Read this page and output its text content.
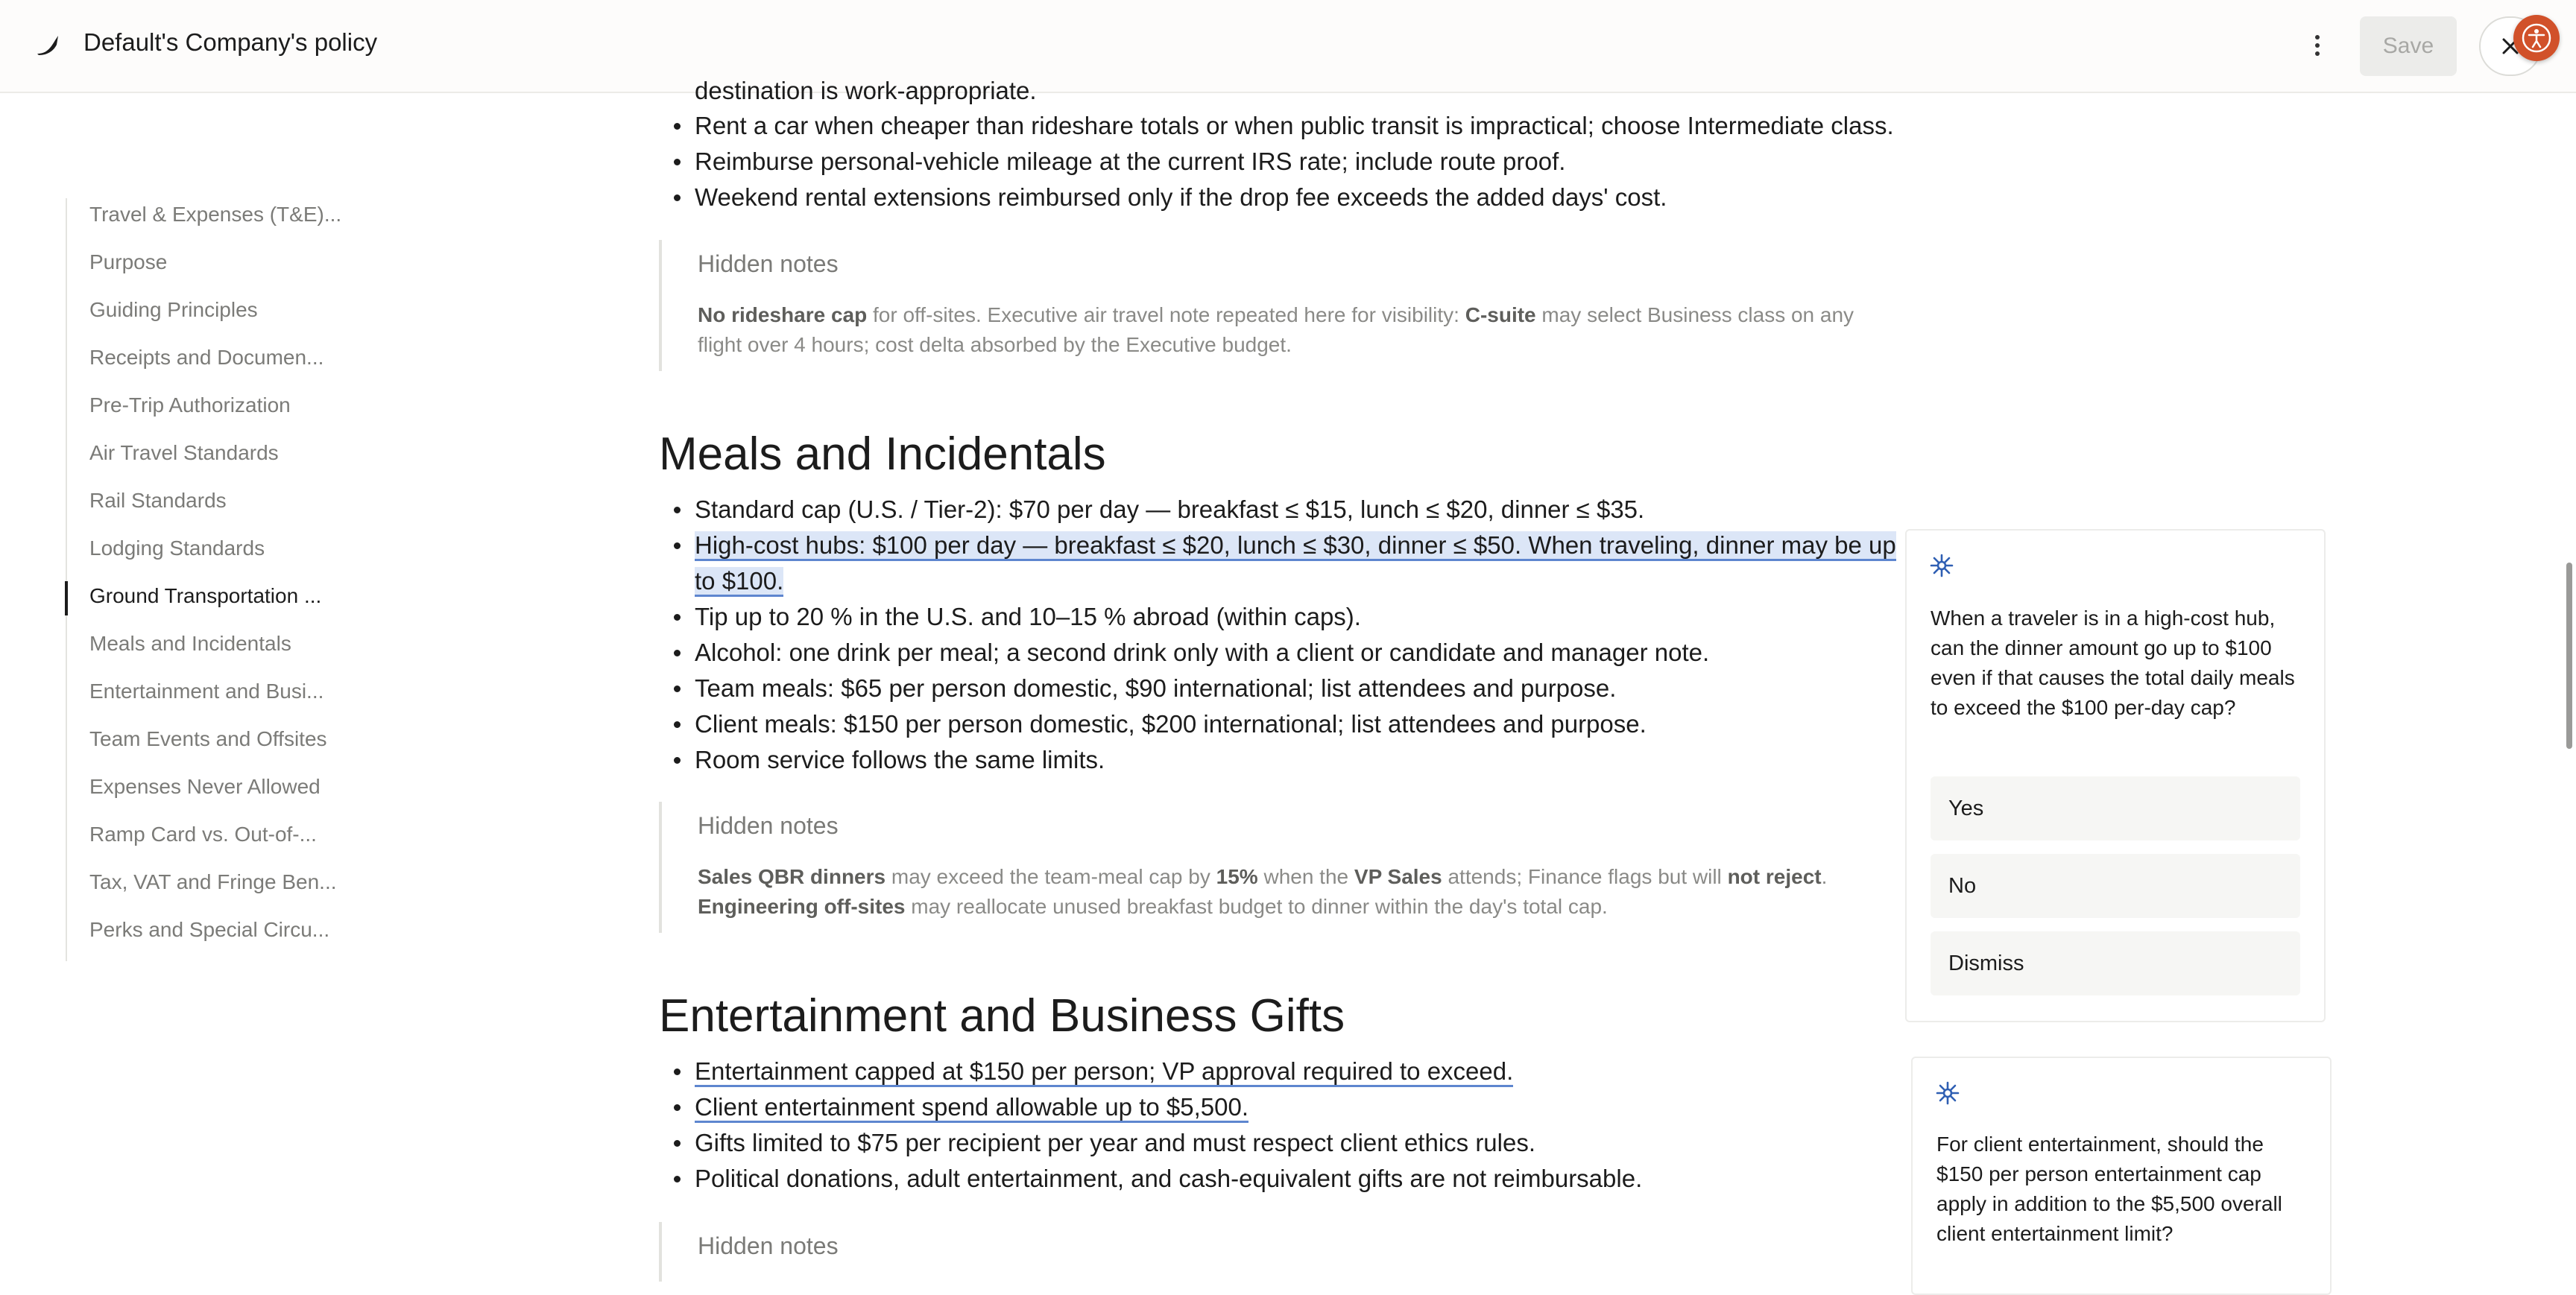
Default's Company's policy	Save
Travel & Expenses (T&E)...
Purpose
Guiding Principles
Receipts and Documen...
Pre-Trip Authorization
Air Travel Standards
Rail Standards
Lodging Standards
Ground Transportation ...
Meals and Incidentals
Entertainment and Busi...
Team Events and Offsites
Expenses Never Allowed
Ramp Card vs. Out-of-...
Tax, VAT and Fringe Ben...
Perks and Special Circu...
destination is work-appropriate.
Rent a car when cheaper than rideshare totals or when public transit is impractical; choose Intermediate class.
Reimburse personal-vehicle mileage at the current IRS rate; include route proof.
Weekend rental extensions reimbursed only if the drop fee exceeds the added days' cost.
Hidden notes
No rideshare cap for off-sites. Executive air travel note repeated here for visibility: C-suite may select Business class on any
flight over 4 hours; cost delta absorbed by the Executive budget.
Meals and Incidentals
Standard cap (U.S. / Tier-2): $70 per day — breakfast ≤ $15, lunch ≤ $20, dinner ≤ $35.
High-cost hubs: $100 per day — breakfast ≤ $20, lunch ≤ $30, dinner ≤ $50. When traveling, dinner may be up
to $100.
Tip up to 20 % in the U.S. and 10–15 % abroad (within caps).
Alcohol: one drink per meal; a second drink only with a client or candidate and manager note.
Team meals: $65 per person domestic, $90 international; list attendees and purpose.
Client meals: $150 per person domestic, $200 international; list attendees and purpose.
Room service follows the same limits.
Hidden notes
Sales QBR dinners may exceed the team-meal cap by 15% when the VP Sales attends; Finance flags but will not reject.
Engineering off-sites may reallocate unused breakfast budget to dinner within the day's total cap.
Entertainment and Business Gifts
Entertainment capped at $150 per person; VP approval required to exceed.
Client entertainment spend allowable up to $5,500.
Gifts limited to $75 per recipient per year and must respect client ethics rules.
Political donations, adult entertainment, and cash-equivalent gifts are not reimbursable.
Hidden notes
When a traveler is in a high-cost hub,
can the dinner amount go up to $100
even if that causes the total daily meals
to exceed the $100 per-day cap?
Yes
No
Dismiss
For client entertainment, should the
$150 per person entertainment cap
apply in addition to the $5,500 overall
client entertainment limit?
